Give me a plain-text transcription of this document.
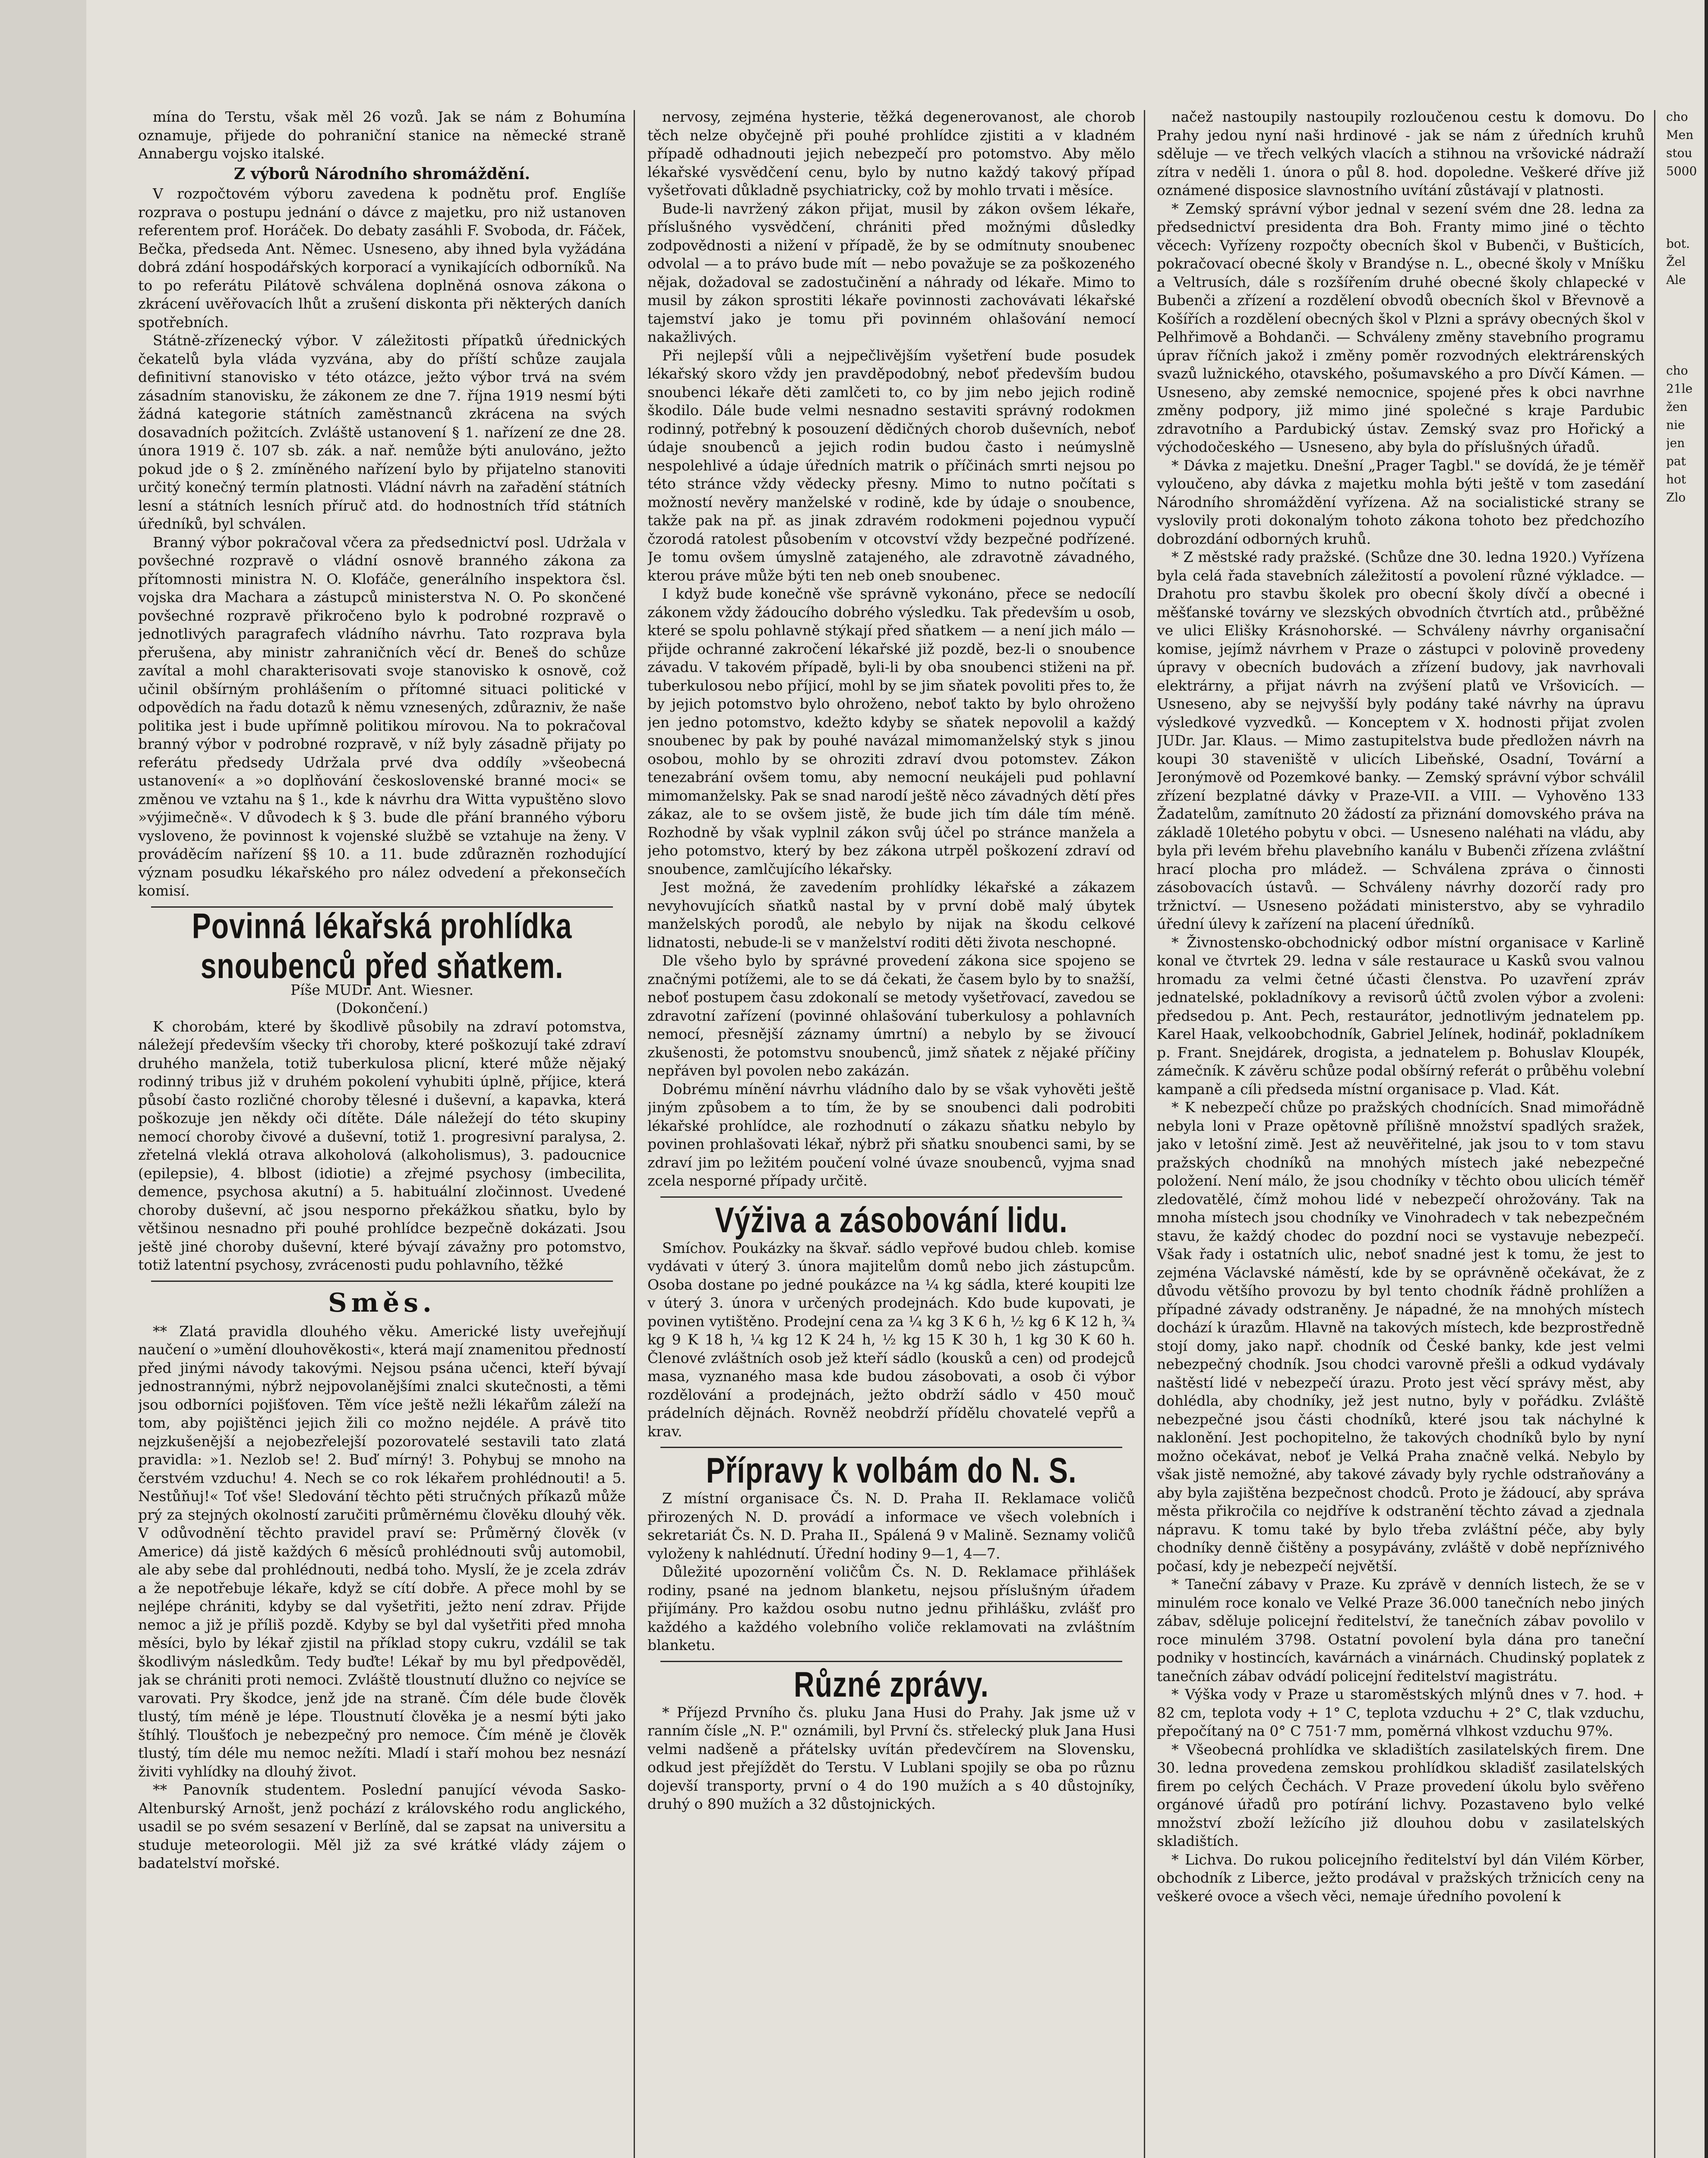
mína do Terstu, však měl 26 vozů. Jak se nám z Bohumína oznamuje, přijede do pohraniční stanice na německé straně Annabergu vojsko italské.

Z výborů Národního shromáždění.

V rozpočtovém výboru zavedena k podnětu prof. Englíše rozprava o postupu jednání o dávce z majetku, pro niž ustanoven referentem prof. Horáček. Do debaty zasáhli F. Svoboda, dr. Fáček, Bečka, předseda Ant. Němec. Usneseno, aby ihned byla vyžádána dobrá zdání hospodářských korporací a vynikajících odborníků. Na to po referátu Pilátově schválena doplněná osnova zákona o zkrácení uvěřovacích lhůt a zrušení diskonta při některých daních spotřebních.

Státně-zřízenecký výbor. V záležitosti přípatků úřednických čekatelů byla vláda vyzvána, aby do příští schůze zaujala definitivní stanovisko v této otázce, ježto výbor trvá na svém zásadním stanovisku, že zákonem ze dne 7. října 1919 nesmí býti žádná kategorie státních zaměstnanců zkrácena na svých dosavadních požitcích. Zvláště ustanovení § 1. nařízení ze dne 28. února 1919 č. 107 sb. zák. a nař. nemůže býti anulováno, ježto pokud jde o § 2. zmíněného nařízení bylo by přijatelno stanoviti určitý konečný termín platnosti. Vládní návrh na zařadění státních lesní a státních lesních příruč atd. do hodnostních tříd státních úředníků, byl schválen.

Branný výbor pokračoval včera za předsednictví posl. Udržala v povšechné rozpravě o vládní osnově branného zákona za přítomnosti ministra N. O. Klofáče, generálního inspektora čsl. vojska dra Machara a zástupců ministerstva N. O. Po skončené povšechné rozpravě přikročeno bylo k podrobné rozpravě o jednotlivých paragrafech vládního návrhu. Tato rozprava byla přerušena, aby ministr zahraničních věcí dr. Beneš do schůze zavítal a mohl charakterisovati svoje stanovisko k osnově, což učinil obšírným prohlášením o přítomné situaci politické v odpovědích na řadu dotazů k němu vznesených, zdůrazniv, že naše politika jest i bude upřímně politikou mírovou. Na to pokračoval branný výbor v podrobné rozpravě, v níž byly zásadně přijaty po referátu předsedy Udržala prvé dva oddíly »všeobecná ustanovení« a »o doplňování československé branné moci« se změnou ve vztahu na § 1., kde k návrhu dra Witta vypuštěno slovo »výjimečně«. V důvodech k § 3. bude dle přání branného výboru vysloveno, že povinnost k vojenské službě se vztahuje na ženy. V prováděcím nařízení §§ 10. a 11. bude zdůrazněn rozhodující význam posudku lékařského pro nález odvedení a překonsečích komisí.

Povinná lékařská prohlídka snoubenců před sňatkem.

Píše MUDr. Ant. Wiesner.

(Dokončení.)

K chorobám, které by škodlivě působily na zdraví potomstva, náležejí především všecky tři choroby, které poškozují také zdraví druhého manžela, totiž tuberkulosa plicní, které může nějaký rodinný tribus již v druhém pokolení vyhubiti úplně, příjice, která působí často rozličné choroby tělesné i duševní, a kapavka, která poškozuje jen někdy oči dítěte. Dále náležejí do této skupiny nemocí choroby čivové a duševní, totiž 1. progresivní paralysa, 2. zřetelná vleklá otrava alkoholová (alkoholismus), 3. padoucnice (epilepsie), 4. blbost (idiotie) a zřejmé psychosy (imbecilita, demence, psychosa akutní) a 5. habituální zločinnost. Uvedené choroby duševní, ač jsou nesporno překážkou sňatku, bylo by většinou nesnadno při pouhé prohlídce bezpečně dokázati. Jsou ještě jiné choroby duševní, které bývají závažny pro potomstvo, totiž latentní psychosy, zvrácenosti pudu pohlavního, těžké

Směs.

** Zlatá pravidla dlouhého věku. Americké listy uveřejňují naučení o »umění dlouhověkosti«, která mají znamenitou předností před jinými návody takovými. Nejsou psána učenci, kteří bývají jednostrannými, nýbrž nejpovolanějšími znalci skutečnosti, a těmi jsou odborníci pojišťoven. Těm více ještě nežli lékařům záleží na tom, aby pojištěnci jejich žili co možno nejdéle. A právě tito nejzkušenější a nejobezřelejší pozorovatelé sestavili tato zlatá pravidla: »1. Nezlob se! 2. Buď mírný! 3. Pohybuj se mnoho na čerstvém vzduchu! 4. Nech se co rok lékařem prohlédnouti! a 5. Nestůňuj!« Toť vše! Sledování těchto pěti stručných příkazů může prý za stejných okolností zaručiti průměrnému člověku dlouhý věk. V odůvodnění těchto pravidel praví se: Průměrný člověk (v Americe) dá jistě každých 6 měsíců prohlédnouti svůj automobil, ale aby sebe dal prohlédnouti, nedbá toho. Myslí, že je zcela zdráv a že nepotřebuje lékaře, když se cítí dobře. A přece mohl by se nejlépe chrániti, kdyby se dal vyšetřiti, ježto není zdrav. Přijde nemoc a již je příliš pozdě. Kdyby se byl dal vyšetřiti před mnoha měsíci, bylo by lékař zjistil na příklad stopy cukru, vzdálil se tak škodlivým následkům. Tedy buďte! Lékař by mu byl předpověděl, jak se chrániti proti nemoci. Zvláště tloustnutí dlužno co nejvíce se varovati. Pry škodce, jenž jde na straně. Čím déle bude člověk tlustý, tím méně je lépe. Tloustnutí člověka je a nesmí býti jako štíhlý. Tloušťoch je nebezpečný pro nemoce. Čím méně je člověk tlustý, tím déle mu nemoc nežíti. Mladí i staří mohou bez nesnází živiti vyhlídky na dlouhý život.

** Panovník studentem. Poslední panující vévoda Sasko-Altenburský Arnošt, jenž pochází z královského rodu anglického, usadil se po svém sesazení v Berlíně, dal se zapsat na universitu a studuje meteorologii. Měl již za své krátké vlády zájem o badatelství mořské.

nervosy, zejména hysterie, těžká degenerovanost, ale chorob těch nelze obyčejně při pouhé prohlídce zjistiti a v kladném případě odhadnouti jejich nebezpečí pro potomstvo. Aby mělo lékařské vysvědčení cenu, bylo by nutno každý takový případ vyšetřovati důkladně psychiatricky, což by mohlo trvati i měsíce.

Bude-li navržený zákon přijat, musil by zákon ovšem lékaře, příslušného vysvědčení, chrániti před možnými důsledky zodpovědnosti a nižení v případě, že by se odmítnuty snoubenec odvolal — a to právo bude mít — nebo považuje se za poškozeného nějak, dožadoval se zadostučinění a náhrady od lékaře. Mimo to musil by zákon sprostiti lékaře povinnosti zachovávati lékařské tajemství jako je tomu při povinném ohlašování nemocí nakažlivých.

Při nejlepší vůli a nejpečlivějším vyšetření bude posudek lékařský skoro vždy jen pravděpodobný, neboť především budou snoubenci lékaře děti zamlčeti to, co by jim nebo jejich rodině škodilo. Dále bude velmi nesnadno sestaviti správný rodokmen rodinný, potřebný k posouzení dědičných chorob duševních, neboť údaje snoubenců a jejich rodin budou často i neúmyslně nespolehlivé a údaje úředních matrik o příčinách smrti nejsou po této stránce vždy vědecky přesny. Mimo to nutno počítati s možností nevěry manželské v rodině, kde by údaje o snoubence, takže pak na př. as jinak zdravém rodokmeni pojednou vypučí čzorodá ratolest působením v otcovství vždy bezpečné podřízené. Je tomu ovšem úmyslně zatajeného, ale zdravotně závadného, kterou práve může býti ten neb oneb snoubenec.

I když bude konečně vše správně vykonáno, přece se nedocílí zákonem vždy žádoucího dobrého výsledku. Tak především u osob, které se spolu pohlavně stýkají před sňatkem — a není jich málo — přijde ochranné zakročení lékařské již pozdě, bez-li o snoubence závadu. V takovém případě, byli-li by oba snoubenci stiženi na př. tuberkulosou nebo příjicí, mohl by se jim sňatek povoliti přes to, že by jejich potomstvo bylo ohroženo, neboť takto by bylo ohroženo jen jedno potomstvo, kdežto kdyby se sňatek nepovolil a každý snoubenec by pak by pouhé navázal mimomanželský styk s jinou osobou, mohlo by se ohroziti zdraví dvou potomstev. Zákon tenezabrání ovšem tomu, aby nemocní neukájeli pud pohlavní mimomanželsky. Pak se snad narodí ještě něco závadných dětí přes zákaz, ale to se ovšem jistě, že bude jich tím dále tím méně. Rozhodně by však vyplnil zákon svůj účel po stránce manžela a jeho potomstvo, který by bez zákona utrpěl poškození zdraví od snoubence, zamlčujícího lékařsky.

Jest možná, že zavedením prohlídky lékařské a zákazem nevyhovujících sňatků nastal by v první době malý úbytek manželských porodů, ale nebylo by nijak na škodu celkové lidnatosti, nebude-li se v manželství roditi děti života neschopné.

Dle všeho bylo by správné provedení zákona sice spojeno se značnými potížemi, ale to se dá čekati, že časem bylo by to snažší, neboť postupem času zdokonalí se metody vyšetřovací, zavedou se zdravotní zařízení (povinné ohlašování tuberkulosy a pohlavních nemocí, přesnější záznamy úmrtní) a nebylo by se živoucí zkušenosti, že potomstvu snoubenců, jimž sňatek z nějaké příčiny nepřáven byl povolen nebo zakázán.

Dobrému mínění návrhu vládního dalo by se však vyhověti ještě jiným způsobem a to tím, že by se snoubenci dali podrobiti lékařské prohlídce, ale rozhodnutí o zákazu sňatku nebylo by povinen prohlašovati lékař, nýbrž při sňatku snoubenci sami, by se zdraví jim po ležitém poučení volné úvaze snoubenců, vyjma snad zcela nesporné případy určitě.

Výživa a zásobování lidu.

Smíchov. Poukázky na škvař. sádlo vepřové budou chleb. komise vydávati v úterý 3. února majitelům domů nebo jich zástupcům. Osoba dostane po jedné poukázce na ¼ kg sádla, které koupiti lze v úterý 3. února v určených prodejnách. Kdo bude kupovati, je povinen vytištěno. Prodejní cena za ¼ kg 3 K 6 h, ½ kg 6 K 12 h, ¾ kg 9 K 18 h, ¼ kg 12 K 24 h, ½ kg 15 K 30 h, 1 kg 30 K 60 h. Členové zvláštních osob jež kteří sádlo (kousků a cen) od prodejců masa, vyznaného masa kde budou zásobovati, a osob či výbor rozdělování a prodejnách, ježto obdrží sádlo v 450 mouč prádelních dějnách. Rovněž neobdrží přídělu chovatelé vepřů a krav.

Přípravy k volbám do N. S.

Z místní organisace Čs. N. D. Praha II. Reklamace voličů přirozených N. D. provádí a informace ve všech volebních i sekretariát Čs. N. D. Praha II., Spálená 9 v Malině. Seznamy voličů vyloženy k nahlédnutí. Úřední hodiny 9—1, 4—7.

Důležité upozornění voličům Čs. N. D. Reklamace přihlášek rodiny, psané na jednom blanketu, nejsou příslušným úřadem přijímány. Pro každou osobu nutno jednu přihlášku, zvlášť pro každého a každého volebního voliče reklamovati na zvláštním blanketu.

Různé zprávy.

* Příjezd Prvního čs. pluku Jana Husi do Prahy. Jak jsme už v ranním čísle „N. P." oznámili, byl První čs. střelecký pluk Jana Husi velmi nadšeně a přátelsky uvítán předevčírem na Slovensku, odkud jest přejíždět do Terstu. V Lublani spojily se oba po různu dojevší transporty, první o 4 do 190 mužích a s 40 důstojníky, druhý o 890 mužích a 32 důstojnických.

načež nastoupily nastoupily rozloučenou cestu k domovu. Do Prahy jedou nyní naši hrdinové - jak se nám z úředních kruhů sděluje — ve třech velkých vlacích a stihnou na vršovické nádraží zítra v neděli 1. února o půl 8. hod. dopoledne. Veškeré dříve již oznámené disposice slavnostního uvítání zůstávají v platnosti.

* Zemský správní výbor jednal v sezení svém dne 28. ledna za předsednictví presidenta dra Boh. Franty mimo jiné o těchto věcech: Vyřízeny rozpočty obecních škol v Bubenči, v Bušticích, pokračovací obecné školy v Brandýse n. L., obecné školy v Mníšku a Veltrusích, dále s rozšířením druhé obecné školy chlapecké v Bubenči a zřízení a rozdělení obvodů obecních škol v Břevnově a Košířích a rozdělení obecných škol v Plzni a správy obecných škol v Pelhřimově a Bohdanči. — Schváleny změny stavebního programu úprav říčních jakož i změny poměr rozvodných elektrárenských svazů lužnického, otavského, pošumavského a pro Dívčí Kámen. — Usneseno, aby zemské nemocnice, spojené přes k obci navrhne změny podpory, již mimo jiné společné s kraje Pardubic zdravotního a Pardubický ústav. Zemský svaz pro Hořický a východočeského — Usneseno, aby byla do příslušných úřadů.

* Dávka z majetku. Dnešní „Prager Tagbl." se dovídá, že je téměř vyloučeno, aby dávka z majetku mohla býti ještě v tom zasedání Národního shromáždění vyřízena. Až na socialistické strany se vyslovily proti dokonalým tohoto zákona tohoto bez předchozího dobrozdání odborných kruhů.

* Z městské rady pražské. (Schůze dne 30. ledna 1920.) Vyřízena byla celá řada stavebních záležitostí a povolení různé výkladce. — Drahotu pro stavbu školek pro obecní školy dívčí a obecné i měšťanské továrny ve slezských obvodních čtvrtích atd., průběžné ve ulici Elišky Krásnohorské. — Schváleny návrhy organisační komise, jejímž návrhem v Praze o zástupci v polovině provedeny úpravy v obecních budovách a zřízení budovy, jak navrhovali elektrárny, a přijat návrh na zvýšení platů ve Vršovicích. — Usneseno, aby se nejvyšší byly podány také návrhy na úpravu výsledkové vyzvedků. — Konceptem v X. hodnosti přijat zvolen JUDr. Jar. Klaus. — Mimo zastupitelstva bude předložen návrh na koupi 30 staveniště v ulicích Libeňské, Osadní, Tovární a Jeronýmově od Pozemkové banky. — Zemský správní výbor schválil zřízení bezplatné dávky v Praze-VII. a VIII. — Vyhověno 133 Žadatelům, zamítnuto 20 žádostí za přiznání domovského práva na základě 10letého pobytu v obci. — Usneseno naléhati na vládu, aby byla při levém břehu plavebního kanálu v Bubenči zřízena zvláštní hrací plocha pro mládež. — Schválena zpráva o činnosti zásobovacích ústavů. — Schváleny návrhy dozorčí rady pro tržnictví. — Usneseno požádati ministerstvo, aby se vyhradilo úřední úlevy k zařízení na placení úředníků.

* Živnostensko-obchodnický odbor místní organisace v Karlině konal ve čtvrtek 29. ledna v sále restaurace u Kasků svou valnou hromadu za velmi četné účasti členstva. Po uzavření zpráv jednatelské, pokladníkovy a revisorů účtů zvolen výbor a zvoleni: předsedou p. Ant. Pech, restaurátor, jednotlivým jednatelem pp. Karel Haak, velkoobchodník, Gabriel Jelínek, hodinář, pokladníkem p. Frant. Snejdárek, drogista, a jednatelem p. Bohuslav Kloupék, zámečník. K závěru schůze podal obšírný referát o průběhu volební kampaně a cíli předseda místní organisace p. Vlad. Kát.

* K nebezpečí chůze po pražských chodnících. Snad mimořádně nebyla loni v Praze opětovně přílišně množství spadlých sražek, jako v letošní zimě. Jest až neuvěřitelné, jak jsou to v tom stavu pražských chodníků na mnohých místech jaké nebezpečné položení. Není málo, že jsou chodníky v těchto obou ulicích téměř zledovatělé, čímž mohou lidé v nebezpečí ohrožovány. Tak na mnoha místech jsou chodníky ve Vinohradech v tak nebezpečném stavu, že každý chodec do pozdní noci se vystavuje nebezpečí. Však řady i ostatních ulic, neboť snadné jest k tomu, že jest to zejména Václavské náměstí, kde by se oprávněně očekávat, že z důvodu většího provozu by byl tento chodník řádně prohlížen a případné závady odstraněny. Je nápadné, že na mnohých místech dochází k úrazům. Hlavně na takových místech, kde bezprostředně stojí domy, jako např. chodník od České banky, kde jest velmi nebezpečný chodník. Jsou chodci varovně přešli a odkud vydávaly naštěstí lidé v nebezpečí úrazu. Proto jest věcí správy měst, aby dohlédla, aby chodníky, jež jest nutno, byly v pořádku. Zvláště nebezpečné jsou části chodníků, které jsou tak náchylné k naklonění. Jest pochopitelno, že takových chodníků bylo by nyní možno očekávat, neboť je Velká Praha značně velká. Nebylo by však jistě nemožné, aby takové závady byly rychle odstraňovány a aby byla zajištěna bezpečnost chodců. Proto je žádoucí, aby správa města přikročila co nejdříve k odstranění těchto závad a zjednala nápravu. K tomu také by bylo třeba zvláštní péče, aby byly chodníky denně čištěny a posypávány, zvláště v době nepříznivého počasí, kdy je nebezpečí největší.

* Taneční zábavy v Praze. Ku zprávě v denních listech, že se v minulém roce konalo ve Velké Praze 36.000 tanečních nebo jiných zábav, sděluje policejní ředitelství, že tanečních zábav povolilo v roce minulém 3798. Ostatní povolení byla dána pro taneční podniky v hostincích, kavárnách a vinárnách. Chudinský poplatek z tanečních zábav odvádí policejní ředitelství magistrátu.

* Výška vody v Praze u staroměstských mlýnů dnes v 7. hod. + 82 cm, teplota vody + 1° C, teplota vzduchu + 2° C, tlak vzduchu, přepočítaný na 0° C 751·7 mm, poměrná vlhkost vzduchu 97%.

* Všeobecná prohlídka ve skladištích zasilatelských firem. Dne 30. ledna provedena zemskou prohlídkou skladišť zasilatelských firem po celých Čechách. V Praze provedení úkolu bylo svěřeno orgánové úřadů pro potírání lichvy. Pozastaveno bylo velké množství zboží ležícího již dlouhou dobu v zasilatelských skladištích.

* Lichva. Do rukou policejního ředitelství byl dán Vilém Körber, obchodník z Liberce, ježto prodával v pražských tržnicích ceny na veškeré ovoce a všech věci, nemaje úředního povolení k

cho
Men
stou
5000

bot.
Žel
Ale

cho
21le
žen
nie
jen
pat
hot
Zlo
